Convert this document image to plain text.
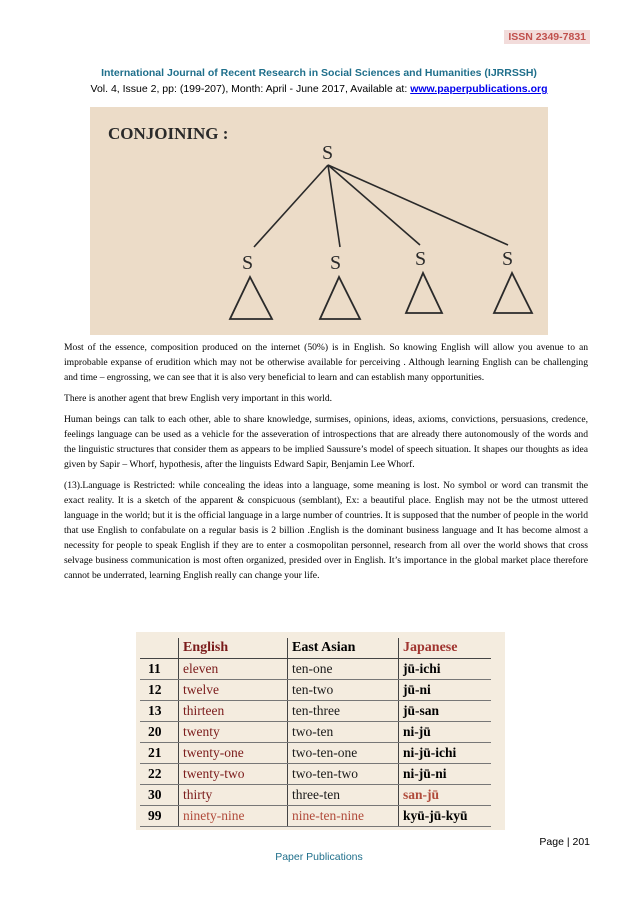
ISSN 2349-7831
International Journal of Recent Research in Social Sciences and Humanities (IJRRSSH)
Vol. 4, Issue 2, pp: (199-207), Month: April - June 2017, Available at: www.paperpublications.org
CONJOINING :
S
S	S	S	S

Most of the essence, composition produced on the internet (50%) is in English. So knowing English will allow you avenue to an improbable expanse of erudition which may not be otherwise available for perceiving . Although learning English can be challenging and time – engrossing, we can see that it is also very beneficial to learn and can establish many opportunities.

There is another agent that brew English very important in this world.

Human beings can talk to each other, able to share knowledge, surmises, opinions, ideas, axioms, convictions, persuasions, credence, feelings language can be used as a vehicle for the asseveration of introspections that are already there autonomously of the words and the linguistic structures that consider them as appears to be implied Saussure’s model of speech situation. It shapes our thoughts as idea given by Sapir – Whorf, hypothesis, after the linguists Edward Sapir, Benjamin Lee Whorf.

(13).Language is Restricted: while concealing the ideas into a language, some meaning is lost. No symbol or word can transmit the exact reality. It is a sketch of the apparent & conspicuous (semblant), Ex: a beautiful place. English may not be the utmost uttered language in the world; but it is the official language in a large number of countries. It is supposed that the number of people in the world that use English to confabulate on a regular basis is 2 billion .English is the dominant business language and It has become almost a necessity for people to speak English if they are to enter a cosmopolitan personnel, research from all over the world shows that cross selvage business communication is most often organized, presided over in English. It’s importance in the global market place therefore cannot be underrated, learning English really can change your life.

	English	East Asian	Japanese
11	eleven	ten-one	jū-ichi
12	twelve	ten-two	jū-ni
13	thirteen	ten-three	jū-san
20	twenty	two-ten	ni-jū
21	twenty-one	two-ten-one	ni-jū-ichi
22	twenty-two	two-ten-two	ni-jū-ni
30	thirty	three-ten	san-jū
99	ninety-nine	nine-ten-nine	kyū-jū-kyū
Page | 201
Paper Publications
